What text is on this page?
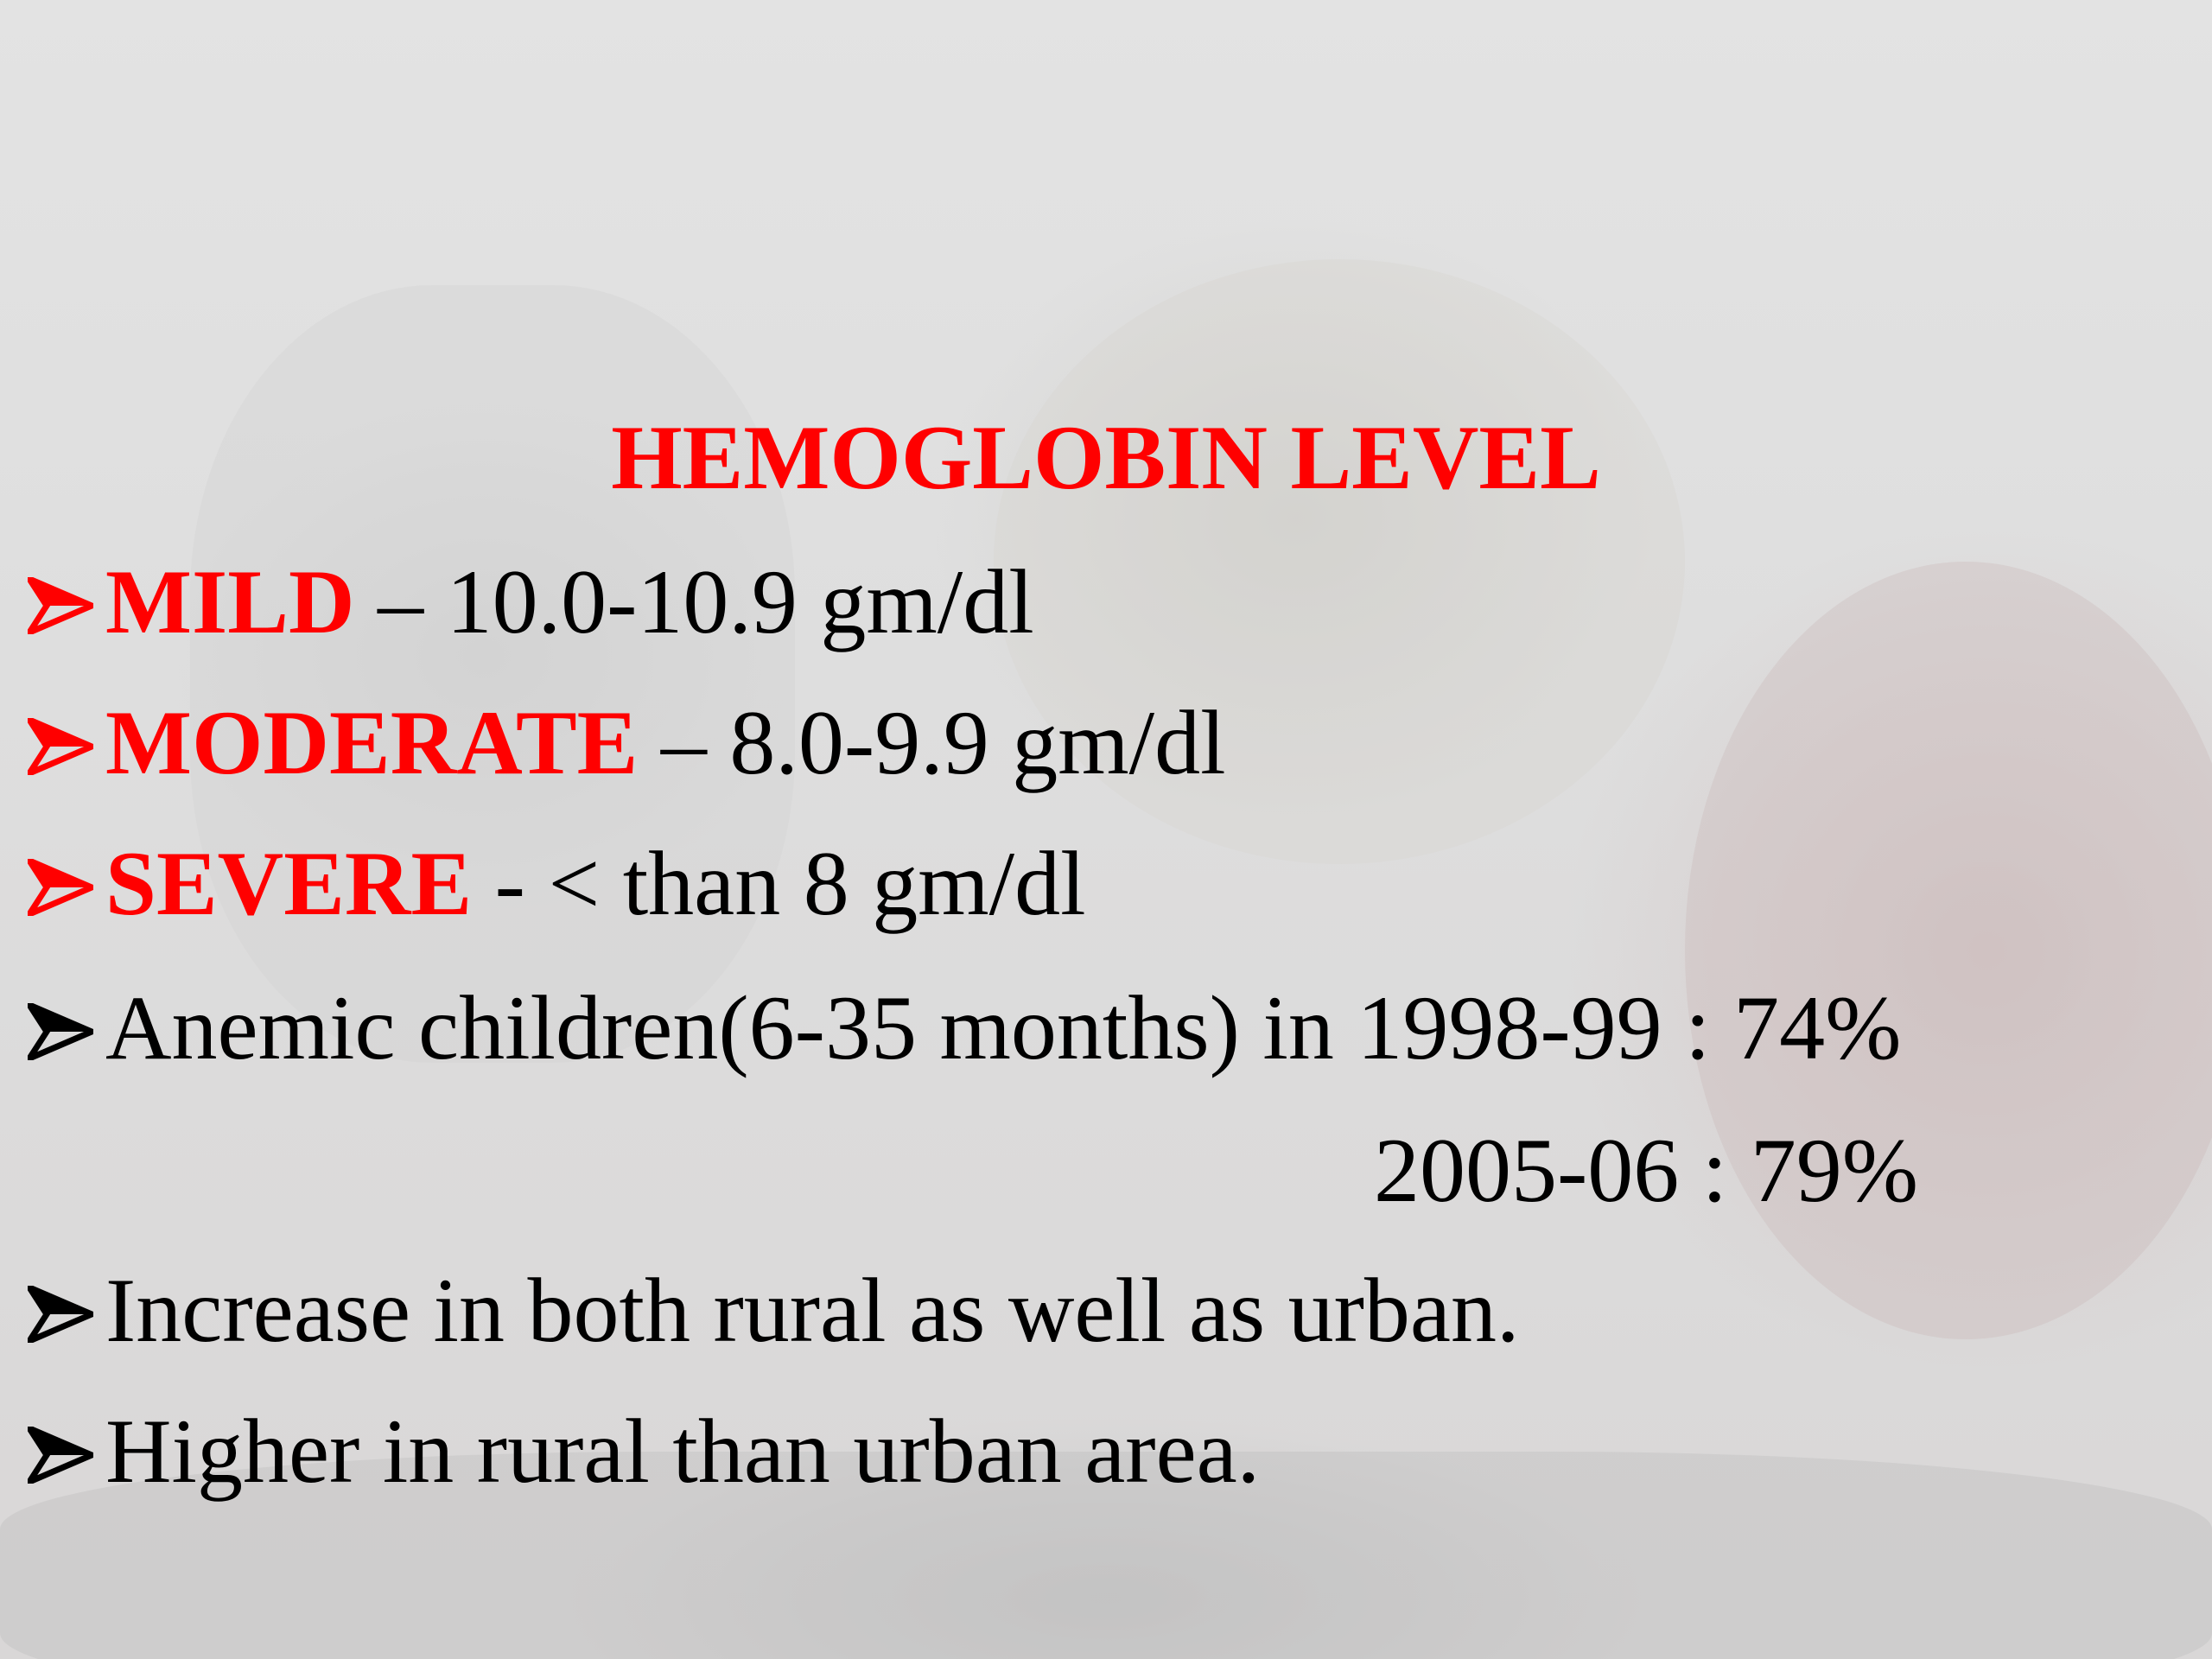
HEMOGLOBIN LEVEL
MILD – 10.0-10.9 gm/dl
MODERATE – 8.0-9.9 gm/dl
SEVERE - < than 8 gm/dl
Anemic children(6-35 months) in 1998-99 : 74%
2005-06 : 79%
Increase in both rural as well as urban.
Higher in rural than urban area.
